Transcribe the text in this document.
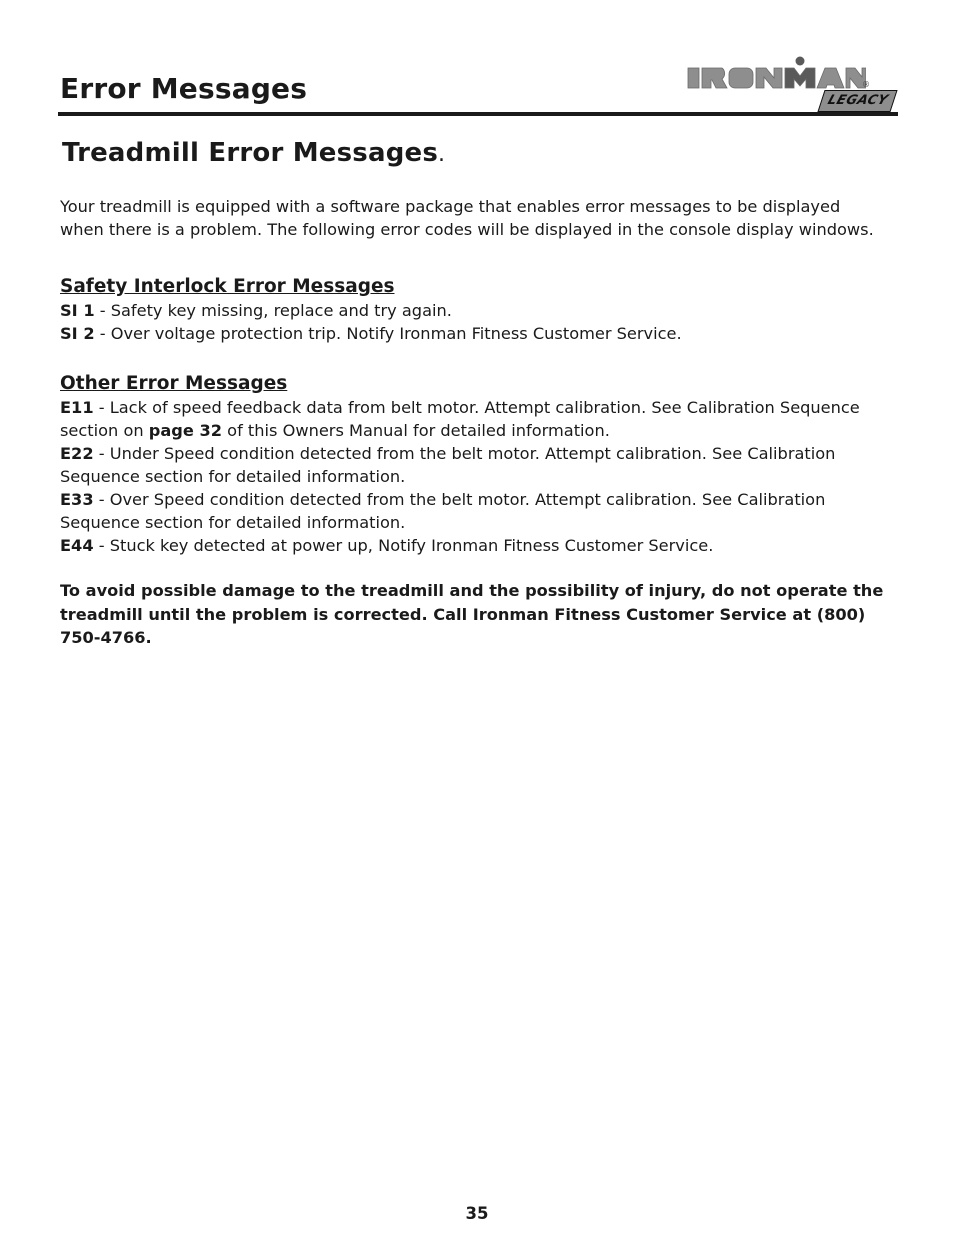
Error Messages	®
LEGACY
Treadmill Error Messages.

Your treadmill is equipped with a software package that enables error messages to be displayed when there is a problem. The following error codes will be displayed in the console display windows.

Safety Interlock Error Messages

SI 1 - Safety key missing, replace and try again.

SI 2 - Over voltage protection trip. Notify Ironman Fitness Customer Service.

Other Error Messages

E11 - Lack of speed feedback data from belt motor. Attempt calibration. See Calibration Sequence section on page 32 of this Owners Manual for detailed information.

E22 - Under Speed condition detected from the belt motor. Attempt calibration. See Calibration Sequence section for detailed information.

E33 - Over Speed condition detected from the belt motor. Attempt calibration. See Calibration Sequence section for detailed information.

E44 - Stuck key detected at power up, Notify Ironman Fitness Customer Service.

To avoid possible damage to the treadmill and the possibility of injury, do not operate the treadmill until the problem is corrected. Call Ironman Fitness Customer Service at (800) 750-4766.

35
